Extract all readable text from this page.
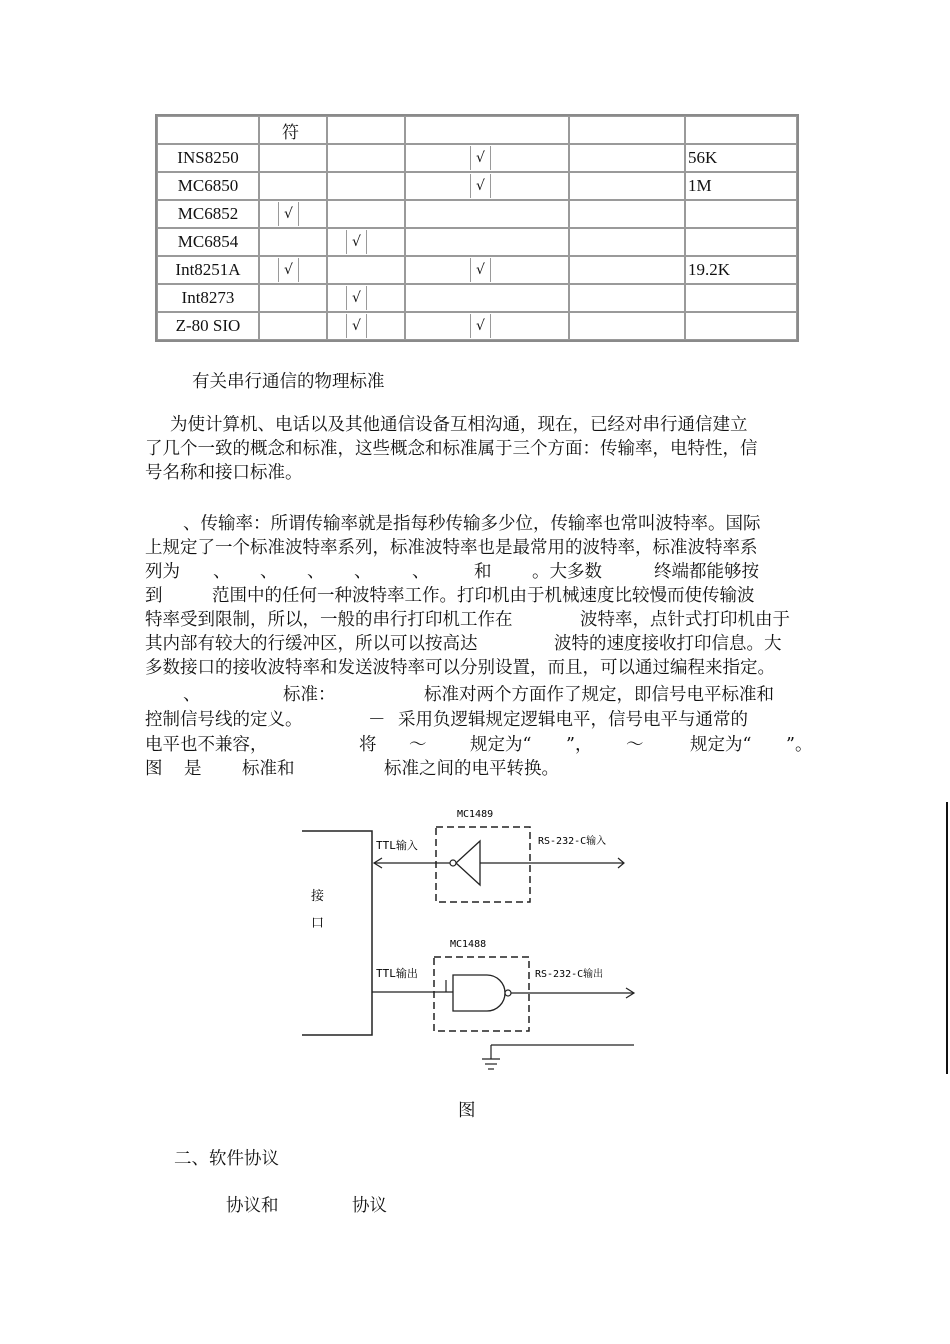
	符				
INS8250			√		56K
MC6850			√		1M
MC6852	√				

MC6854		√			

Int8251A	√		√		19.2K
Int8273		√			

Z-80 SIO		√	√		

有关串行通信的物理标准
为使计算机、电话以及其他通信设备互相沟通，现在，已经对串行通信建立
了几个一致的概念和标准，这些概念和标准属于三个方面：传输率，电特性，信
号名称和接口标准。
、传输率：所谓传输率就是指每秒传输多少位，传输率也常叫波特率。国际
上规定了一个标准波特率系列，标准波特率也是最常用的波特率，标准波特率系
列为 、 、 、 、 、	和 。大多数	终端都能够按
到	范围中的任何一种波特率工作。打印机由于机械速度比较慢而使传输波
特率受到限制，所以，一般的串行打印机工作在	波特率，点针式打印机由于
其内部有较大的行缓冲区，所以可以按高达	波特的速度接收打印信息。大
多数接口的接收波特率和发送波特率可以分别设置，而且，可以通过编程来指定。
、	标准：	标准对两个方面作了规定，即信号电平标准和
控制信号线的定义。	－ 采用负逻辑规定逻辑电平，信号电平与通常的
电平也不兼容，	将 ～ 规定为“ ”， ～	规定为“ ”。
图 是 标准和	标准之间的电平转换。
接
口
MC1489
TTL输入	RS-232-C输入
MC1488
TTL输出	RS-232-C输出
图
二、软件协议
协议和	协议
